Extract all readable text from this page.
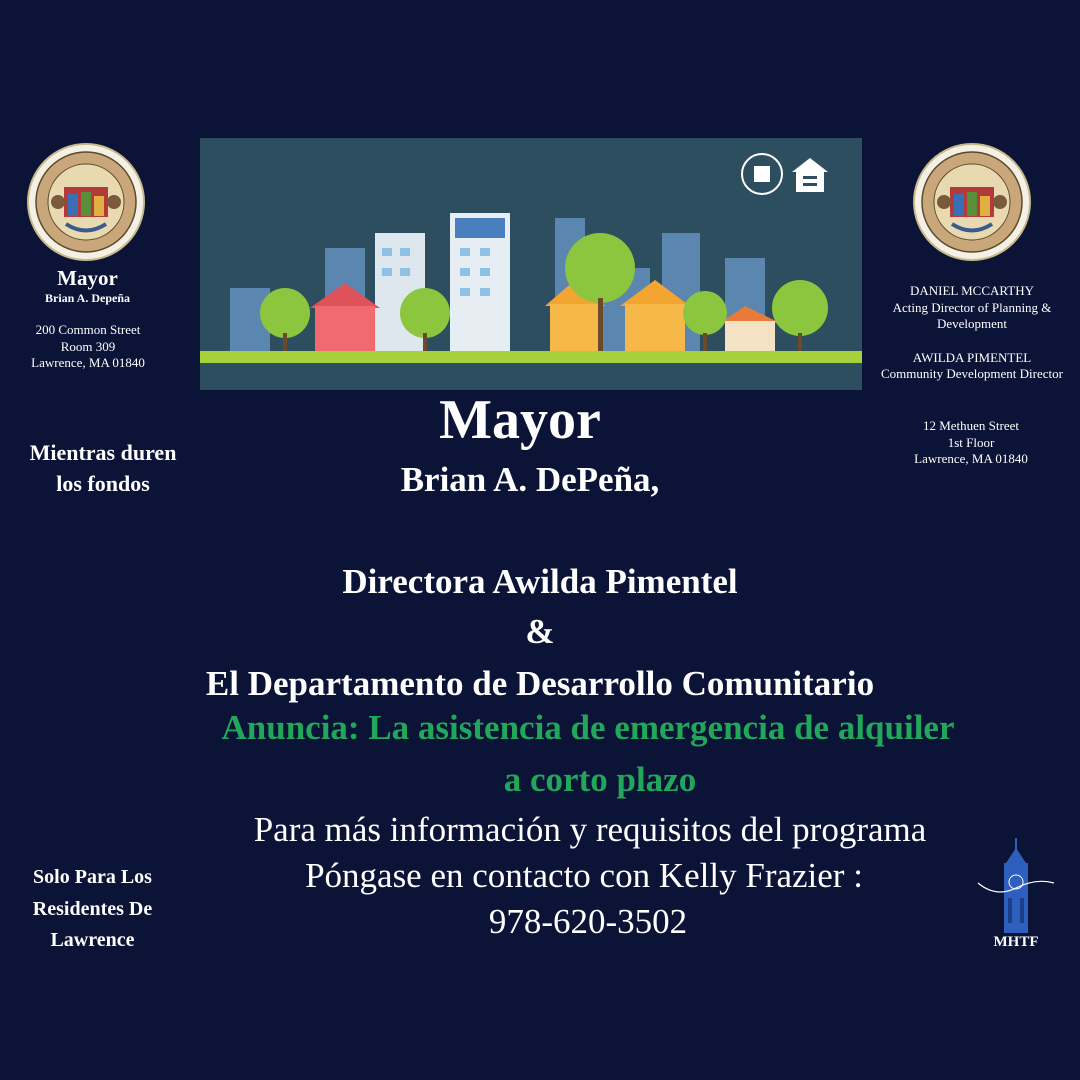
Mayor
Brian A. Depeña
200 Common Street
Room 309
Lawrence, MA 01840
Mientras duren
los fondos
Solo Para Los
Residentes De
Lawrence
DANIEL MCCARTHY
Acting Director of Planning &
Development
AWILDA PIMENTEL
Community Development Director
12 Methuen Street
1st Floor
Lawrence, MA 01840
MHTF
Mayor
Brian A. DePeña,
Directora Awilda Pimentel
&
El Departamento de Desarrollo Comunitario
Anuncia: La asistencia de emergencia de alquiler
a corto plazo
Para más información y requisitos del programa
Póngase en contacto con Kelly Frazier :
978-620-3502
